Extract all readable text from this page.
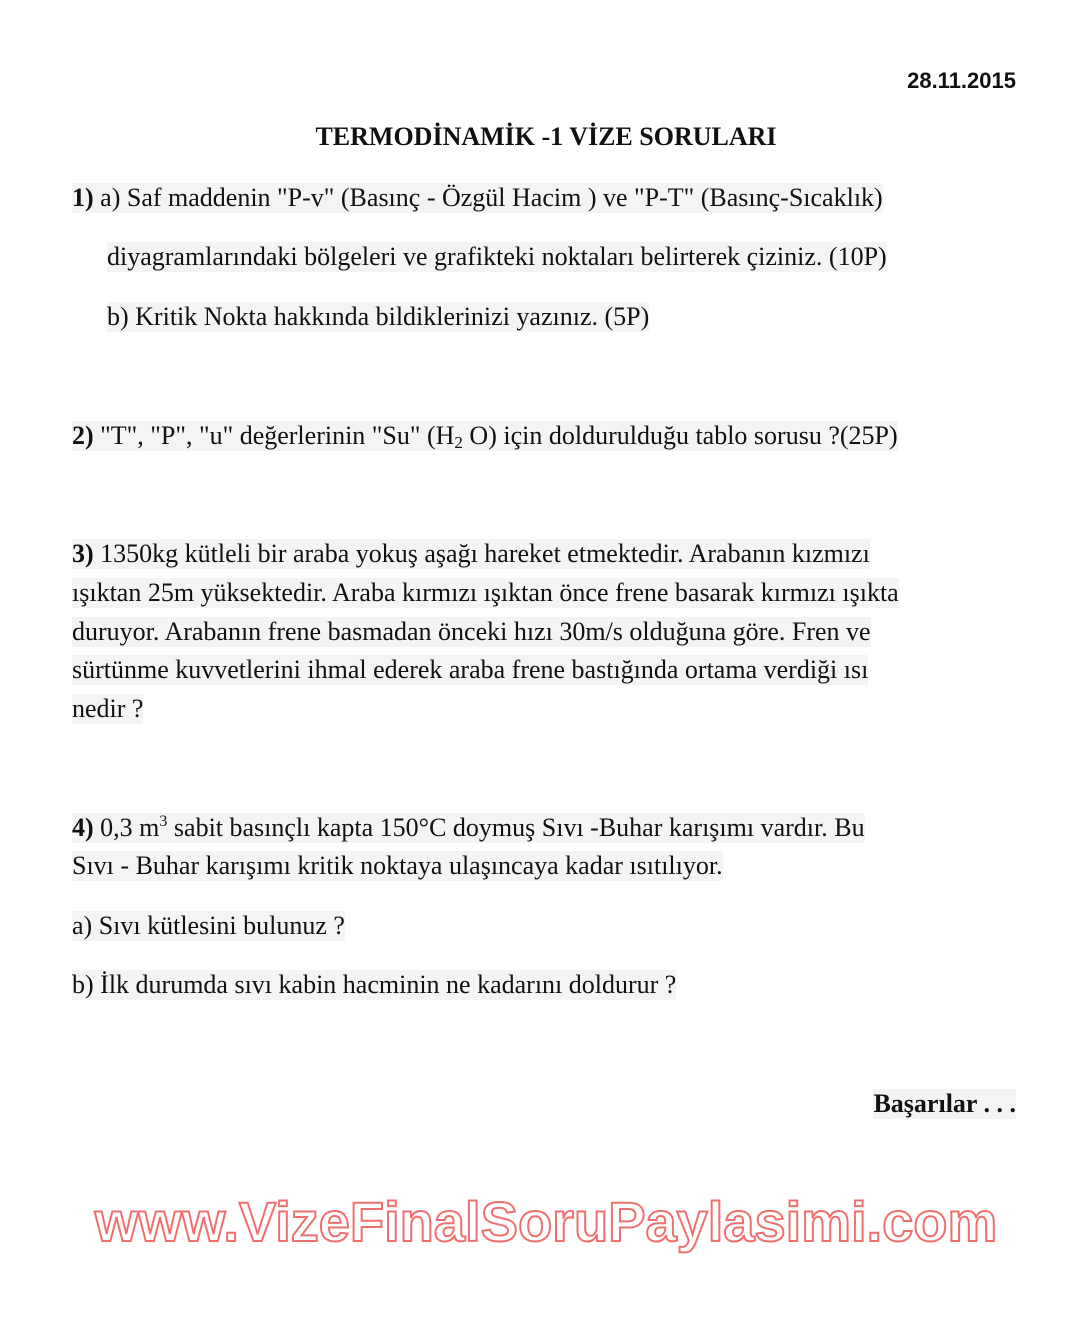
28.11.2015
TERMODİNAMİK -1 VİZE SORULARI
1) a) Saf maddenin "P-v" (Basınç - Özgül Hacim ) ve "P-T" (Basınç-Sıcaklık)
diyagramlarındaki bölgeleri ve grafikteki noktaları belirterek çiziniz. (10P)
b) Kritik Nokta hakkında bildiklerinizi yazınız. (5P)
2) "T", "P", "u" değerlerinin "Su" ($H_2$ O) için doldurulduğu tablo sorusu ?(25P)
3) 1350kg kütleli bir araba yokuş aşağı hareket etmektedir. Arabanın kızmızı
ışıktan 25m yüksektedir. Araba kırmızı ışıktan önce frene basarak kırmızı ışıkta
duruyor. Arabanın frene basmadan önceki hızı 30m/s olduğuna göre. Fren ve
sürtünme kuvvetlerini ihmal ederek araba frene bastığında ortama verdiği ısı
nedir ?
4) 0,3 $m^3$ sabit basınçlı kapta 150°C doymuş Sıvı -Buhar karışımı vardır. Bu
Sıvı - Buhar karışımı kritik noktaya ulaşıncaya kadar ısıtılıyor.
a) Sıvı kütlesini bulunuz ?
b) İlk durumda sıvı kabin hacminin ne kadarını doldurur ?
Başarılar . . .
www.VizeFinalSoruPaylasimi.com
